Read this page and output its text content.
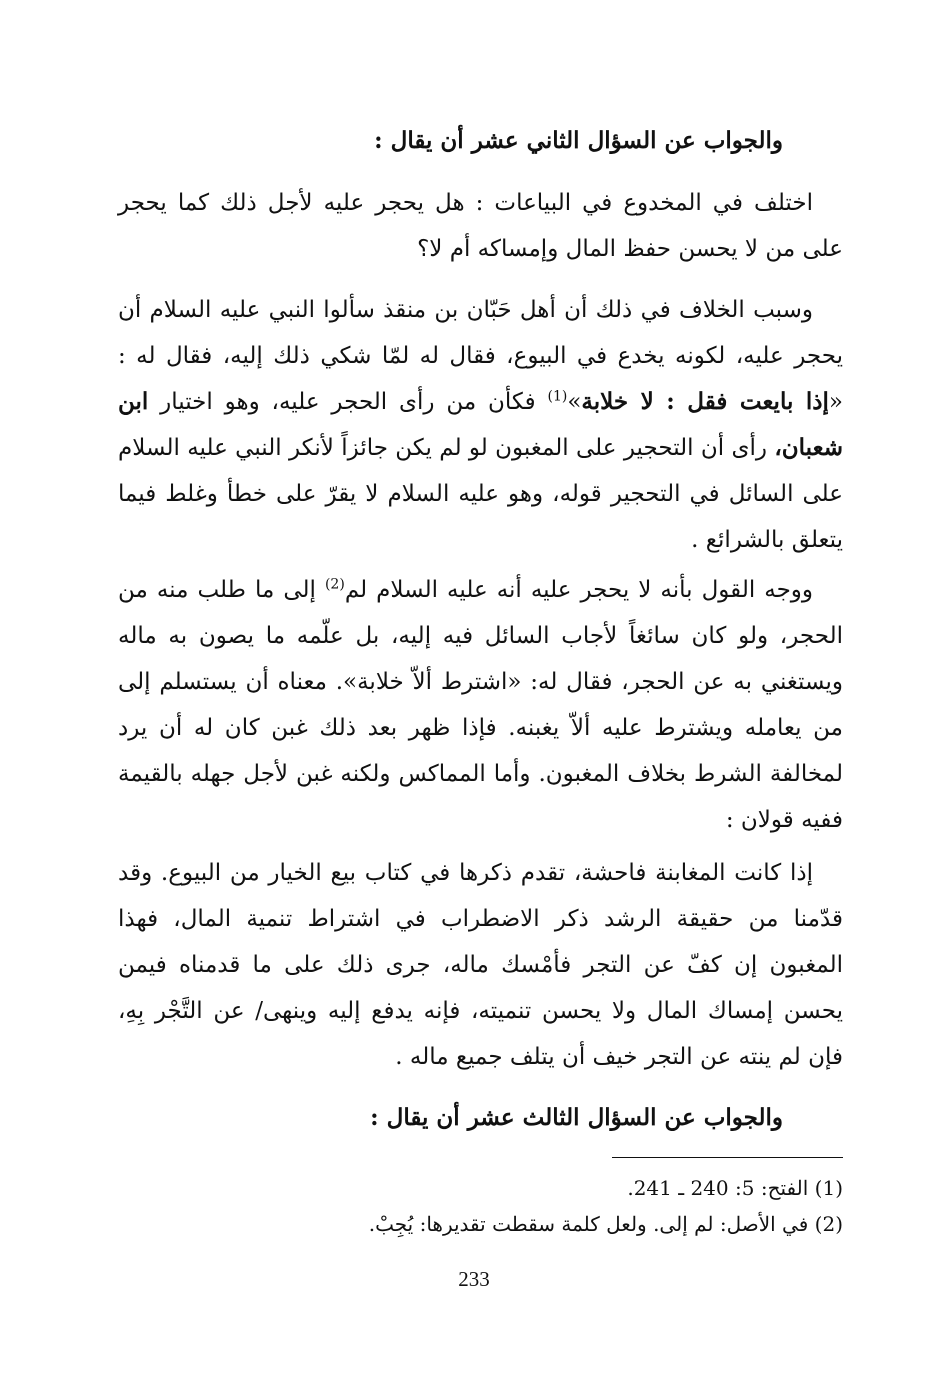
والجواب عن السؤال الثاني عشر أن يقال :

اختلف في المخدوع في البياعات : هل يحجر عليه لأجل ذلك كما يحجر على من لا يحسن حفظ المال وإمساكه أم لا؟

وسبب الخلاف في ذلك أن أهل حَبّان بن منقذ سألوا النبي عليه السلام أن يحجر عليه، لكونه يخدع في البيوع، فقال له لمّا شكي ذلك إليه، فقال له : «إذا بايعت فقل : لا خلابة»$^{(1)}$ فكأن من رأى الحجر عليه، وهو اختيار ابن شعبان، رأى أن التحجير على المغبون لو لم يكن جائزاً لأنكر النبي عليه السلام على السائل في التحجير قوله، وهو عليه السلام لا يقرّ على خطأ وغلط فيما يتعلق بالشرائع .

ووجه القول بأنه لا يحجر عليه أنه عليه السلام لم$^{(2)}$ إلى ما طلب منه من الحجر، ولو كان سائغاً لأجاب السائل فيه إليه، بل علّمه ما يصون به ماله ويستغني به عن الحجر، فقال له: «اشترط ألاّ خلابة». معناه أن يستسلم إلى من يعامله ويشترط عليه ألاّ يغبنه. فإذا ظهر بعد ذلك غبن كان له أن يرد لمخالفة الشرط بخلاف المغبون. وأما المماكس ولكنه غبن لأجل جهله بالقيمة ففيه قولان :

إذا كانت المغابنة فاحشة، تقدم ذكرها في كتاب بيع الخيار من البيوع. وقد قدّمنا من حقيقة الرشد ذكر الاضطراب في اشتراط تنمية المال، فهذا المغبون إن كفّ عن التجر فأمْسك ماله، جرى ذلك على ما قدمناه فيمن يحسن إمساك المال ولا يحسن تنميته، فإنه يدفع إليه وينهى/ عن التَّجْر بِهِ، فإن لم ينته عن التجر خيف أن يتلف جميع ماله .

والجواب عن السؤال الثالث عشر أن يقال :
(1) الفتح: 5: 240 ـ 241.
(2) في الأصل: لم إلى. ولعل كلمة سقطت تقديرها: يُجِبْ.
233
